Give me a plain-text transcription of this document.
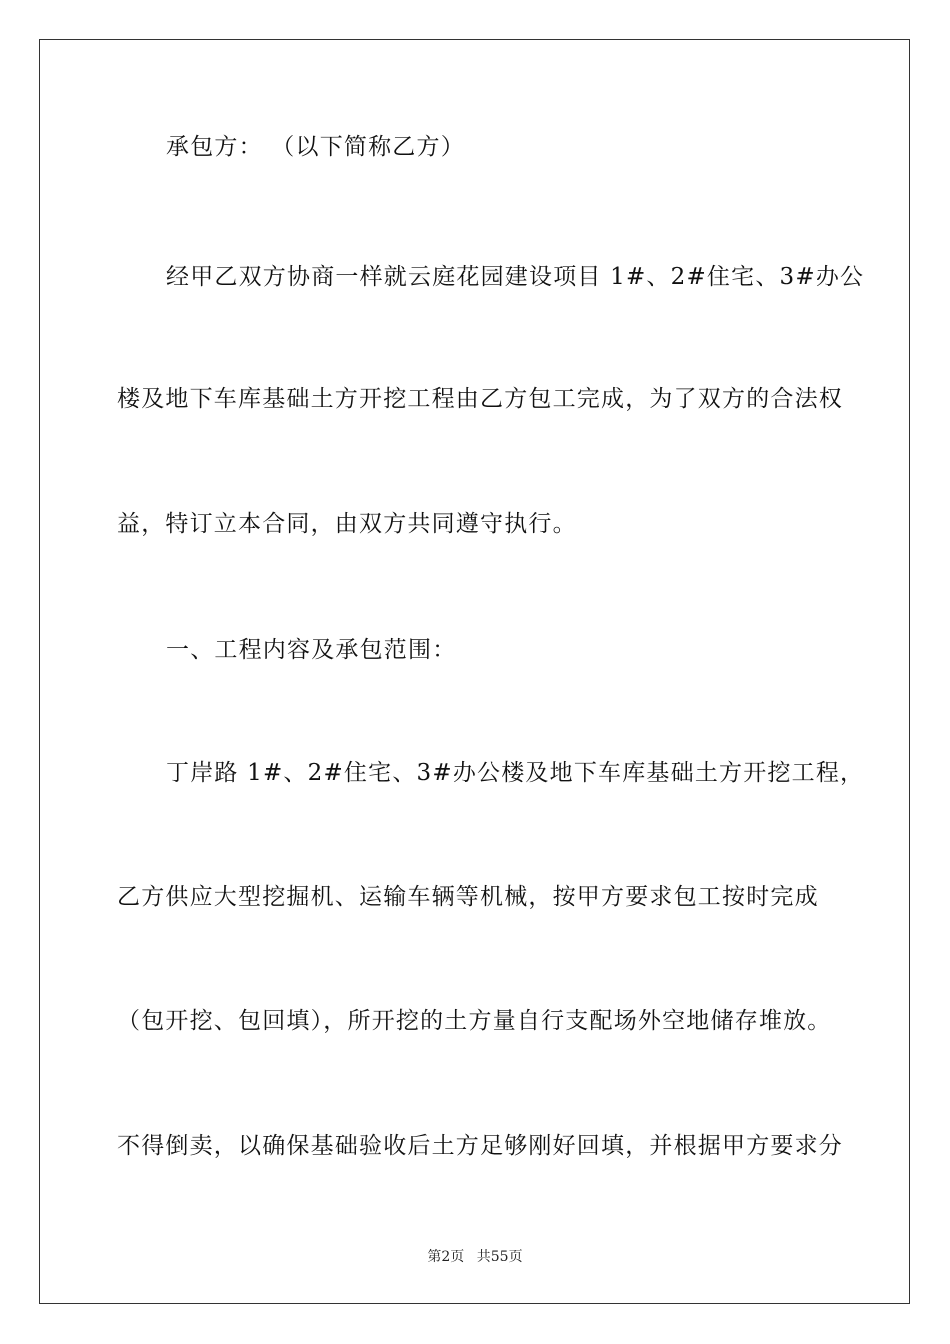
承包方： （以下简称乙方）
经甲乙双方协商一样就云庭花园建设项目 1#、2#住宅、3#办公
楼及地下车库基础土方开挖工程由乙方包工完成，为了双方的合法权
益，特订立本合同，由双方共同遵守执行。
一、工程内容及承包范围：
丁岸路 1#、2#住宅、3#办公楼及地下车库基础土方开挖工程，
乙方供应大型挖掘机、运输车辆等机械，按甲方要求包工按时完成
（包开挖、包回填），所开挖的土方量自行支配场外空地储存堆放。
不得倒卖，以确保基础验收后土方足够刚好回填，并根据甲方要求分
第2页 共55页
